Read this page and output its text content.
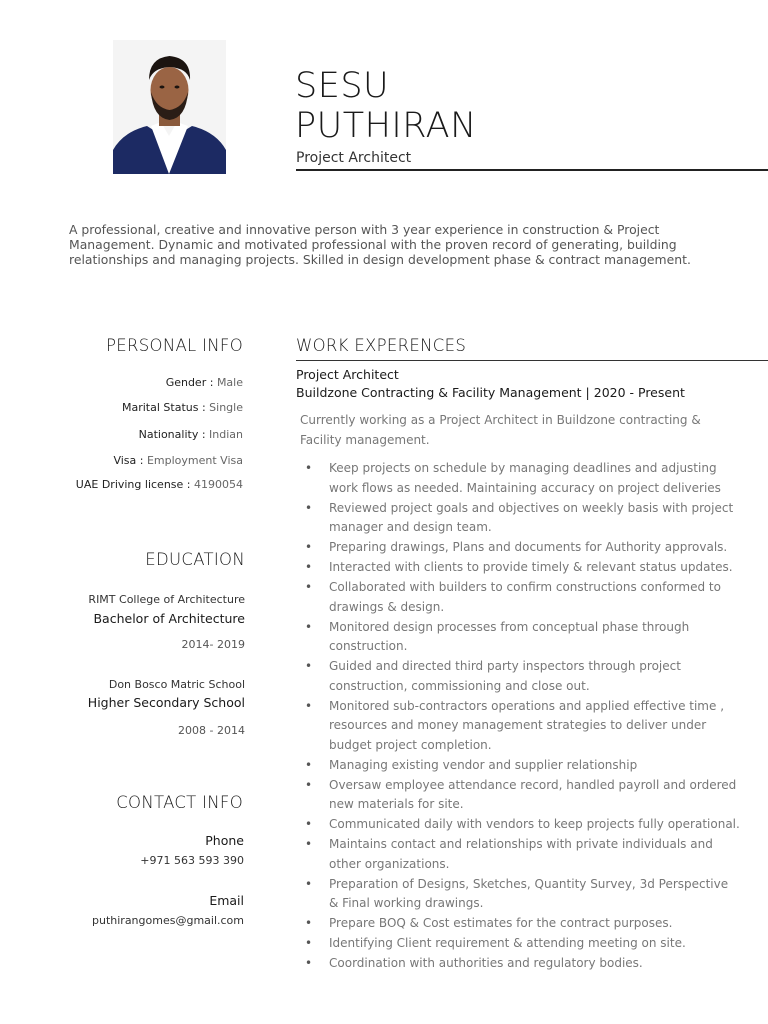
SESU
PUTHIRAN

Project Architect

A professional, creative and innovative person with 3 year experience in construction & Project Management. Dynamic and motivated professional with the proven record of generating, building relationships and managing projects. Skilled in design development phase & contract management.

PERSONAL INFO
Gender : Male
Marital Status : Single
Nationality : Indian
Visa : Employment Visa
UAE Driving license : 4190054
EDUCATION
RIMT College of Architecture
Bachelor of Architecture
2014- 2019
Don Bosco Matric School
Higher Secondary School
2008 - 2014
CONTACT INFO
Phone
+971 563 593 390
Email
puthirangomes@gmail.com
WORK EXPERENCES
Project Architect
Buildzone Contracting & Facility Management | 2020 - Present

Currently working as a Project Architect in Buildzone contracting & Facility management.

• Keep projects on schedule by managing deadlines and adjusting work flows as needed. Maintaining accuracy on project deliveries
• Reviewed project goals and objectives on weekly basis with project manager and design team.
• Preparing drawings, Plans and documents for Authority approvals.
• Interacted with clients to provide timely & relevant status updates.
• Collaborated with builders to confirm constructions conformed to drawings & design.
• Monitored design processes from conceptual phase through construction.
• Guided and directed third party inspectors through project construction, commissioning and close out.
• Monitored sub-contractors operations and applied effective time , resources and money management strategies to deliver under budget project completion.
• Managing existing vendor and supplier relationship
• Oversaw employee attendance record, handled payroll and ordered new materials for site.
• Communicated daily with vendors to keep projects fully operational.
• Maintains contact and relationships with private individuals and other organizations.
• Preparation of Designs, Sketches, Quantity Survey, 3d Perspective & Final working drawings.
• Prepare BOQ & Cost estimates for the contract purposes.
• Identifying Client requirement & attending meeting on site.
• Coordination with authorities and regulatory bodies.
